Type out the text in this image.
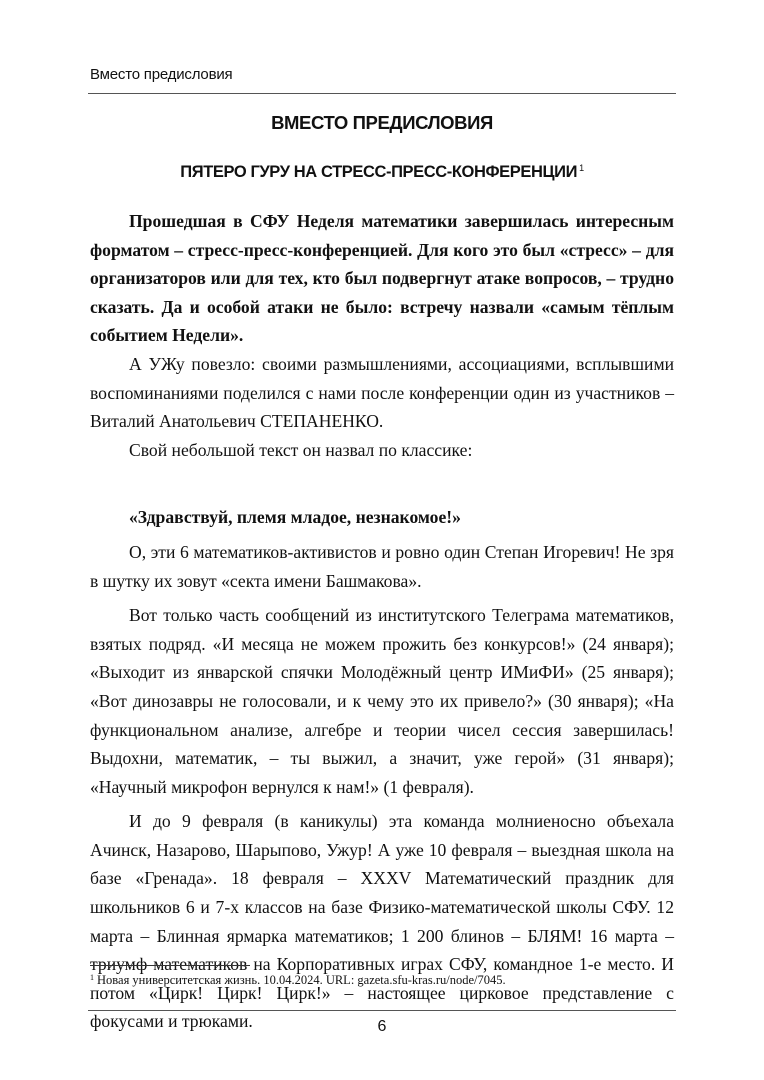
Вместо предисловия
ВМЕСТО ПРЕДИСЛОВИЯ
ПЯТЕРО ГУРУ НА СТРЕСС-ПРЕСС-КОНФЕРЕНЦИИ $^1$

Прошедшая в СФУ Неделя математики завершилась интересным форматом – стресс-пресс-конференцией. Для кого это был «стресс» – для организаторов или для тех, кто был подвергнут атаке вопросов, – трудно сказать. Да и особой атаки не было: встречу назвали «самым тёплым событием Недели».

А УЖу повезло: своими размышлениями, ассоциациями, всплывшими воспоминаниями поделился с нами после конференции один из участников – Виталий Анатольевич СТЕПАНЕНКО.

Свой небольшой текст он назвал по классике:

«Здравствуй, племя младое, незнакомое!»

О, эти 6 математиков-активистов и ровно один Степан Игоревич! Не зря в шутку их зовут «секта имени Башмакова».

Вот только часть сообщений из институтского Телеграма математиков, взятых подряд. «И месяца не можем прожить без конкурсов!» (24 января); «Выходит из январской спячки Молодёжный центр ИМиФИ» (25 января); «Вот динозавры не голосовали, и к чему это их привело?» (30 января); «На функциональном анализе, алгебре и теории чисел сессия завершилась! Выдохни, математик, – ты выжил, а значит, уже герой» (31 января); «Научный микрофон вернулся к нам!» (1 февраля).

И до 9 февраля (в каникулы) эта команда молниеносно объехала Ачинск, Назарово, Шарыпово, Ужур! А уже 10 февраля – выездная школа на базе «Гренада». 18 февраля – XXXV Математический праздник для школьников 6 и 7-х классов на базе Физико-математической школы СФУ. 12 марта – Блинная ярмарка математиков; 1 200 блинов – БЛЯМ! 16 марта – триумф математиков на Корпоративных играх СФУ, командное 1-е место. И потом «Цирк! Цирк! Цирк!» – настоящее цирковое представление с фокусами и трюками.

$^1$ Новая университетская жизнь. 10.04.2024. URL: gazeta.sfu-kras.ru/node/7045.
6
